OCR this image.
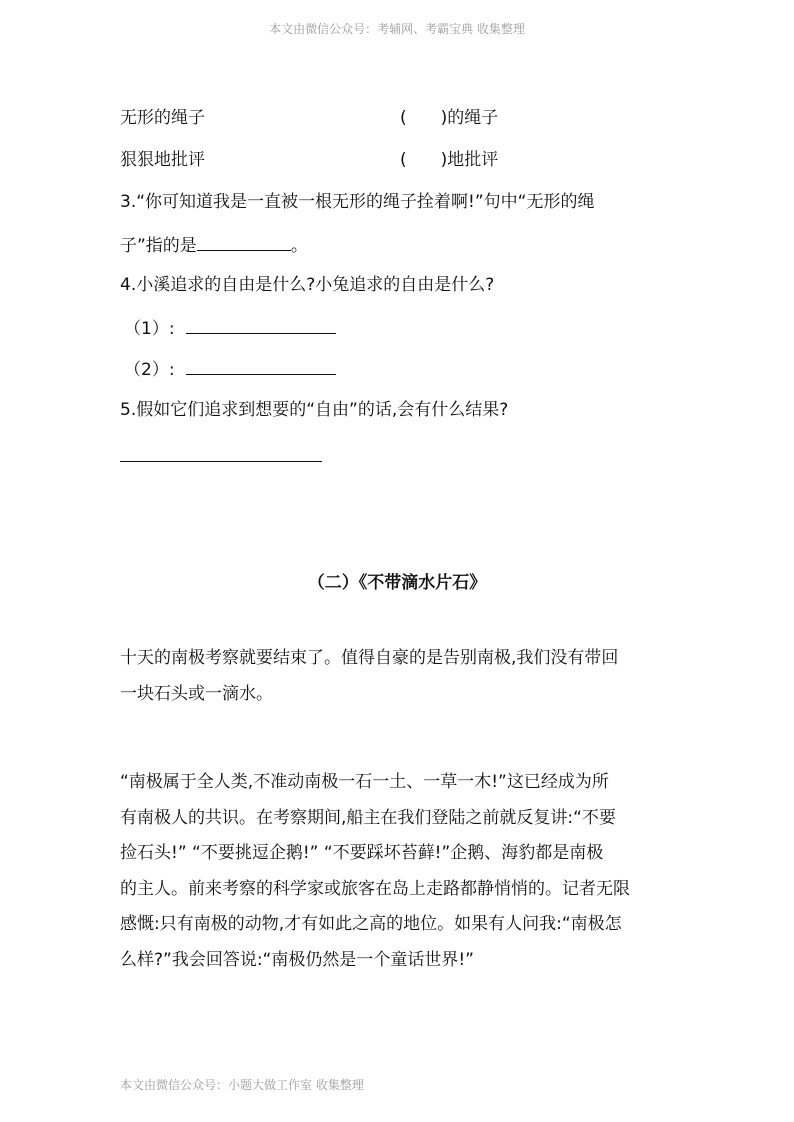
本文由微信公众号：考辅网、考霸宝典 收集整理
无形的绳子	(　　)的绳子
狠狠地批评	(　　)地批评
3.“你可知道我是一直被一根无形的绳子拴着啊!”句中“无形的绳
子”指的是	。
4.小溪追求的自由是什么?小兔追求的自由是什么?
（1）:
（2）:
5.假如它们追求到想要的“自由”的话,会有什么结果?
（二）《不带滴水片石》

十天的南极考察就要结束了。值得自豪的是告别南极,我们没有带回

一块石头或一滴水。

“南极属于全人类,不准动南极一石一土、一草一木!”这已经成为所

有南极人的共识。在考察期间,船主在我们登陆之前就反复讲:“不要

捡石头!” “不要挑逗企鹅!” “不要踩坏苔藓!”企鹅、海豹都是南极

的主人。前来考察的科学家或旅客在岛上走路都静悄悄的。记者无限

感慨:只有南极的动物,才有如此之高的地位。如果有人问我:“南极怎

么样?”我会回答说:“南极仍然是一个童话世界!”

本文由微信公众号：小题大做工作室 收集整理
